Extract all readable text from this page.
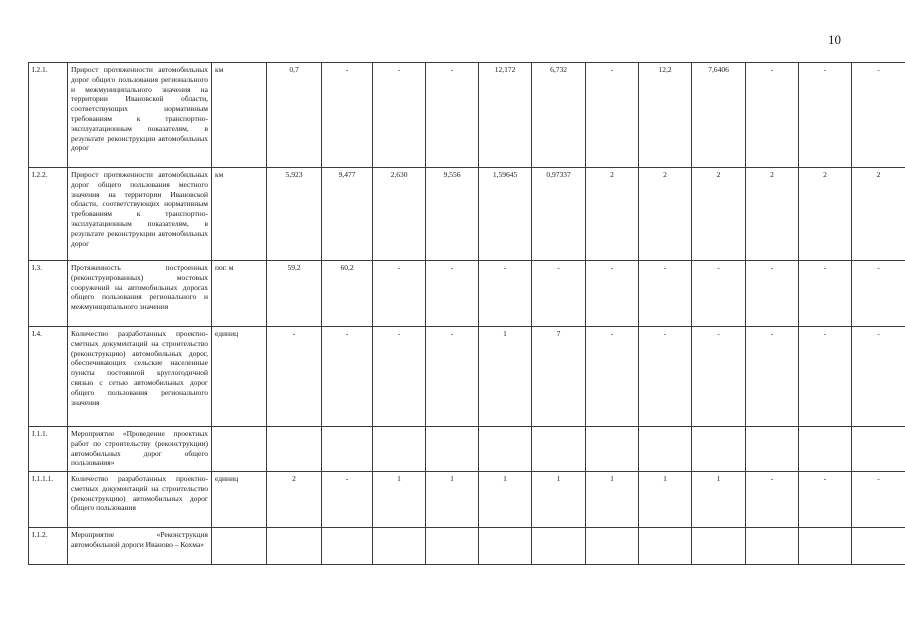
10
I.2.1.	Прирост протяженности автомобильных дорог общего пользования регионального и межмуниципального значения на территории Ивановской области, соответствующих нормативным требованиям к транспортно-эксплуатационным показателям, в результате реконструкции автомобильных дорог	км	0,7	-	-	-	12,172	6,732	-	12,2	7,6406	-	-	-
I.2.2.	Прирост протяженности автомобильных дорог общего пользования местного значения на территории Ивановской области, соответствующих нормативным требованиям к транспортно-эксплуатационным показателям, в результате реконструкции автомобильных дорог	км	5,923	9,477	2,630	9,556	1,59645	0,97337	2	2	2	2	2	2
I.3.	Протяженность построенных (реконструированных) мостовых сооружений на автомобильных дорогах общего пользования регионального и межмуниципального значения	пог. м	59,2	60,2	-	-	-	-	-	-	-	-	-	-
I.4.	Количество разработанных проектно-сметных документаций на строительство (реконструкцию) автомобильных дорог, обеспечивающих сельские населенные пункты постоянной круглогодичной связью с сетью автомобильных дорог общего пользования регионального значения	единиц	-	-	-	-	1	7	-	-	-	-	-	-
I.1.1.	Мероприятие «Проведение проектных работ по строительству (реконструкции) автомобильных дорог общего пользования»													
I.1.1.1.	Количество разработанных проектно-сметных документаций на строительство (реконструкцию) автомобильных дорог общего пользования	единиц	2	-	1	1	1	1	1	1	1	-	-	-
I.1.2.	Мероприятие «Реконструкция автомобильной дороги Иваново – Кохма»													
